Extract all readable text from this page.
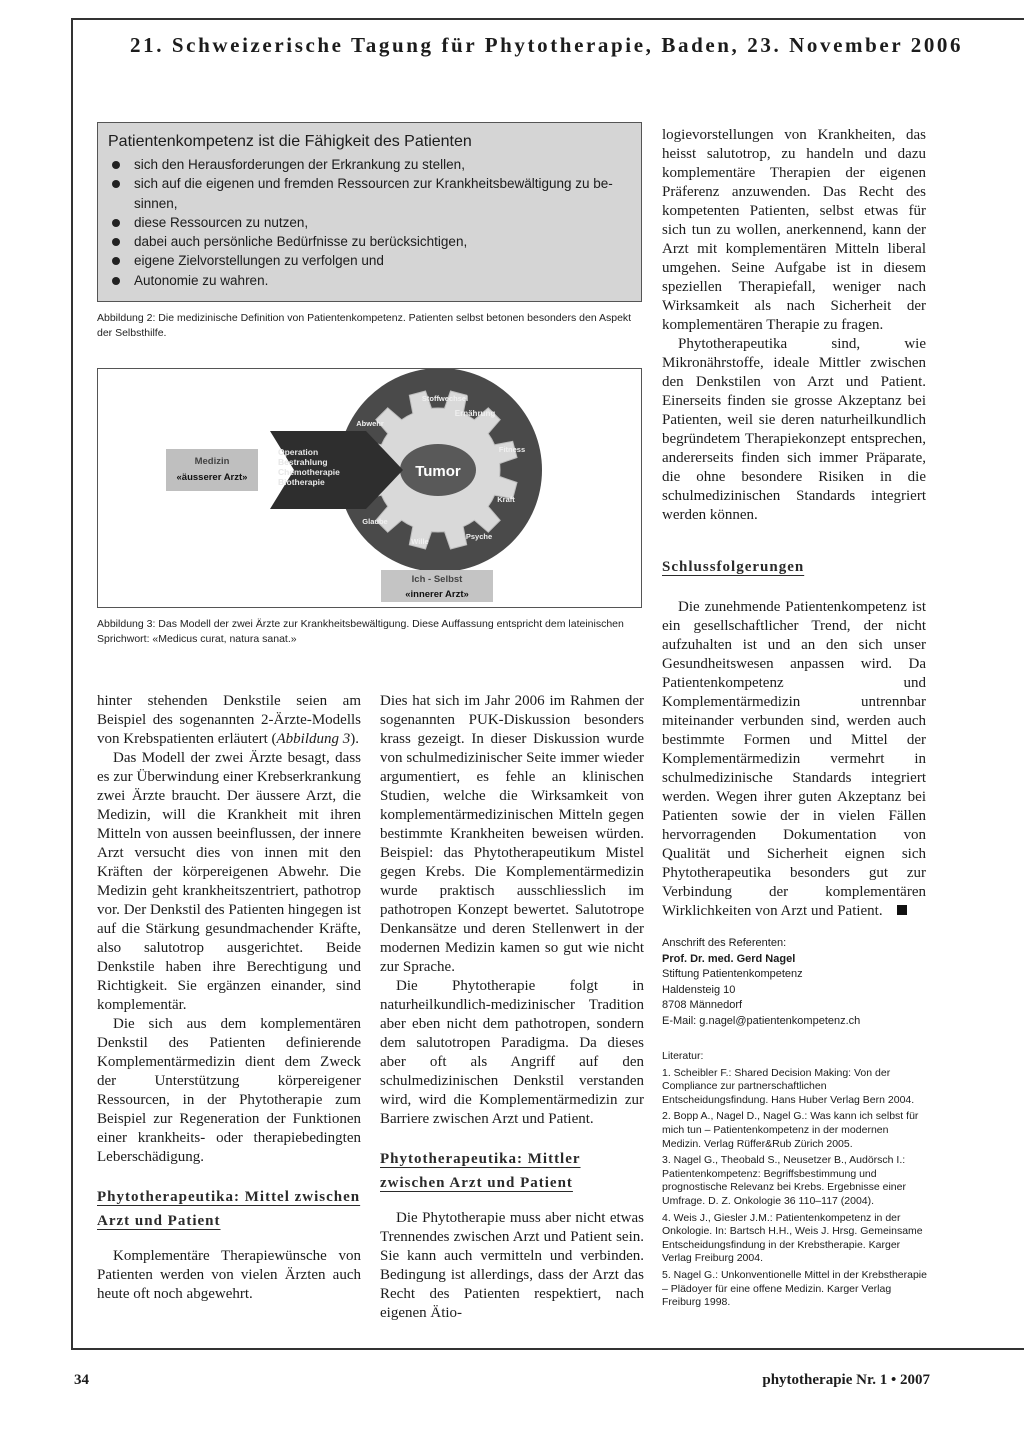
21. Schweizerische Tagung für Phytotherapie, Baden, 23. November 2006
Patientenkompetenz ist die Fähigkeit des Patienten
sich den Herausforderungen der Erkrankung zu stellen,
sich auf die eigenen und fremden Ressourcen zur Krankheitsbewältigung zu be-
sinnen,
diese Ressourcen zu nutzen,
dabei auch persönliche Bedürfnisse zu berücksichtigen,
eigene Zielvorstellungen zu verfolgen und
Autonomie zu wahren.
Abbildung 2: Die medizinische Definition von Patientenkompetenz. Patienten selbst betonen besonders den Aspekt der Selbsthilfe.
Tumor
Operation
Bestrahlung
Chemotherapie
Biotherapie
Medizin
«äusserer Arzt»
Stoffwechsel
Ernährung
Abwehr
Fitness
Kraft
Psyche
Wille
Glaube
Ich - Selbst
«innerer Arzt»
Abbildung 3: Das Modell der zwei Ärzte zur Krankheitsbewältigung. Diese Auffassung entspricht dem lateinischen Sprichwort: «Medicus curat, natura sanat.»

hinter stehenden Denkstile seien am Beispiel des sogenannten 2-Ärzte-Modells von Krebspatienten erläutert (Abbildung 3).

Das Modell der zwei Ärzte besagt, dass es zur Überwindung einer Krebserkrankung zwei Ärzte braucht. Der äussere Arzt, die Medizin, will die Krankheit mit ihren Mitteln von aussen beeinflussen, der innere Arzt versucht dies von innen mit den Kräften der körpereigenen Abwehr. Die Medizin geht krankheitszentriert, pathotrop vor. Der Denkstil des Patienten hingegen ist auf die Stärkung gesundmachender Kräfte, also salutotrop ausgerichtet. Beide Denkstile haben ihre Berechtigung und Richtigkeit. Sie ergänzen einander, sind komplementär.

Die sich aus dem komplementären Denkstil des Patienten definierende Komplementärmedizin dient dem Zweck der Unterstützung körpereigener Ressourcen, in der Phytotherapie zum Beispiel zur Regeneration der Funktionen einer krankheits- oder therapiebedingten Leberschädigung.

Phytotherapeutika: Mittel zwischen Arzt und Patient

Komplementäre Therapiewünsche von Patienten werden von vielen Ärzten auch heute oft noch abgewehrt.

Dies hat sich im Jahr 2006 im Rahmen der sogenannten PUK-Diskussion besonders krass gezeigt. In dieser Diskussion wurde von schulmedizinischer Seite immer wieder argumentiert, es fehle an klinischen Studien, welche die Wirksamkeit von komplementärmedizinischen Mitteln gegen bestimmte Krankheiten beweisen würden. Beispiel: das Phytotherapeutikum Mistel gegen Krebs. Die Komplementärmedizin wurde praktisch ausschliesslich im pathotropen Konzept bewertet. Salutotrope Denkansätze und deren Stellenwert in der modernen Medizin kamen so gut wie nicht zur Sprache.

Die Phytotherapie folgt in naturheilkundlich-medizinischer Tradition aber eben nicht dem pathotropen, sondern dem salutotropen Paradigma. Da dieses aber oft als Angriff auf den schulmedizinischen Denkstil verstanden wird, wird die Komplementärmedizin zur Barriere zwischen Arzt und Patient.

Phytotherapeutika: Mittler zwischen Arzt und Patient

Die Phytotherapie muss aber nicht etwas Trennendes zwischen Arzt und Patient sein. Sie kann auch vermitteln und verbinden. Bedingung ist allerdings, dass der Arzt das Recht des Patienten respektiert, nach eigenen Ätio-

logievorstellungen von Krankheiten, das heisst salutotrop, zu handeln und dazu komplementäre Therapien der eigenen Präferenz anzuwenden. Das Recht des kompetenten Patienten, selbst etwas für sich tun zu wollen, anerkennend, kann der Arzt mit komplementären Mitteln liberal umgehen. Seine Aufgabe ist in diesem speziellen Therapiefall, weniger nach Wirksamkeit als nach Sicherheit der komplementären Therapie zu fragen.

Phytotherapeutika sind, wie Mikronährstoffe, ideale Mittler zwischen den Denkstilen von Arzt und Patient. Einerseits finden sie grosse Akzeptanz bei Patienten, weil sie deren naturheilkundlich begründetem Therapiekonzept entsprechen, andererseits finden sich immer Präparate, die ohne besondere Risiken in die schulmedizinischen Standards integriert werden können.

Schlussfolgerungen

Die zunehmende Patientenkompetenz ist ein gesellschaftlicher Trend, der nicht aufzuhalten ist und an den sich unser Gesundheitswesen anpassen wird. Da Patientenkompetenz und Komplementärmedizin untrennbar miteinander verbunden sind, werden auch bestimmte Formen und Mittel der Komplementärmedizin vermehrt in schulmedizinische Standards integriert werden. Wegen ihrer guten Akzeptanz bei Patienten sowie der in vielen Fällen hervorragenden Dokumentation von Qualität und Sicherheit eignen sich Phytotherapeutika besonders gut zur Verbindung der komplementären Wirklichkeiten von Arzt und Patient.

Anschrift des Referenten:
Prof. Dr. med. Gerd Nagel
Stiftung Patientenkompetenz
Haldensteig 10
8708 Männedorf
E-Mail: g.nagel@patientenkompetenz.ch
Literatur:
1. Scheibler F.: Shared Decision Making: Von der Compliance zur partnerschaftlichen Entscheidungsfindung. Hans Huber Verlag Bern 2004.
2. Bopp A., Nagel D., Nagel G.: Was kann ich selbst für mich tun – Patientenkompetenz in der modernen Medizin. Verlag Rüffer&Rub Zürich 2005.
3. Nagel G., Theobald S., Neusetzer B., Audörsch I.: Patientenkompetenz: Begriffsbestimmung und prognostische Relevanz bei Krebs. Ergebnisse einer Umfrage. D. Z. Onkologie 36 110–117 (2004).
4. Weis J., Giesler J.M.: Patientenkompetenz in der Onkologie. In: Bartsch H.H., Weis J. Hrsg. Gemeinsame Entscheidungsfindung in der Krebstherapie. Karger Verlag Freiburg 2004.
5. Nagel G.: Unkonventionelle Mittel in der Krebstherapie – Plädoyer für eine offene Medizin. Karger Verlag Freiburg 1998.
34	phytotherapie Nr. 1 • 2007
